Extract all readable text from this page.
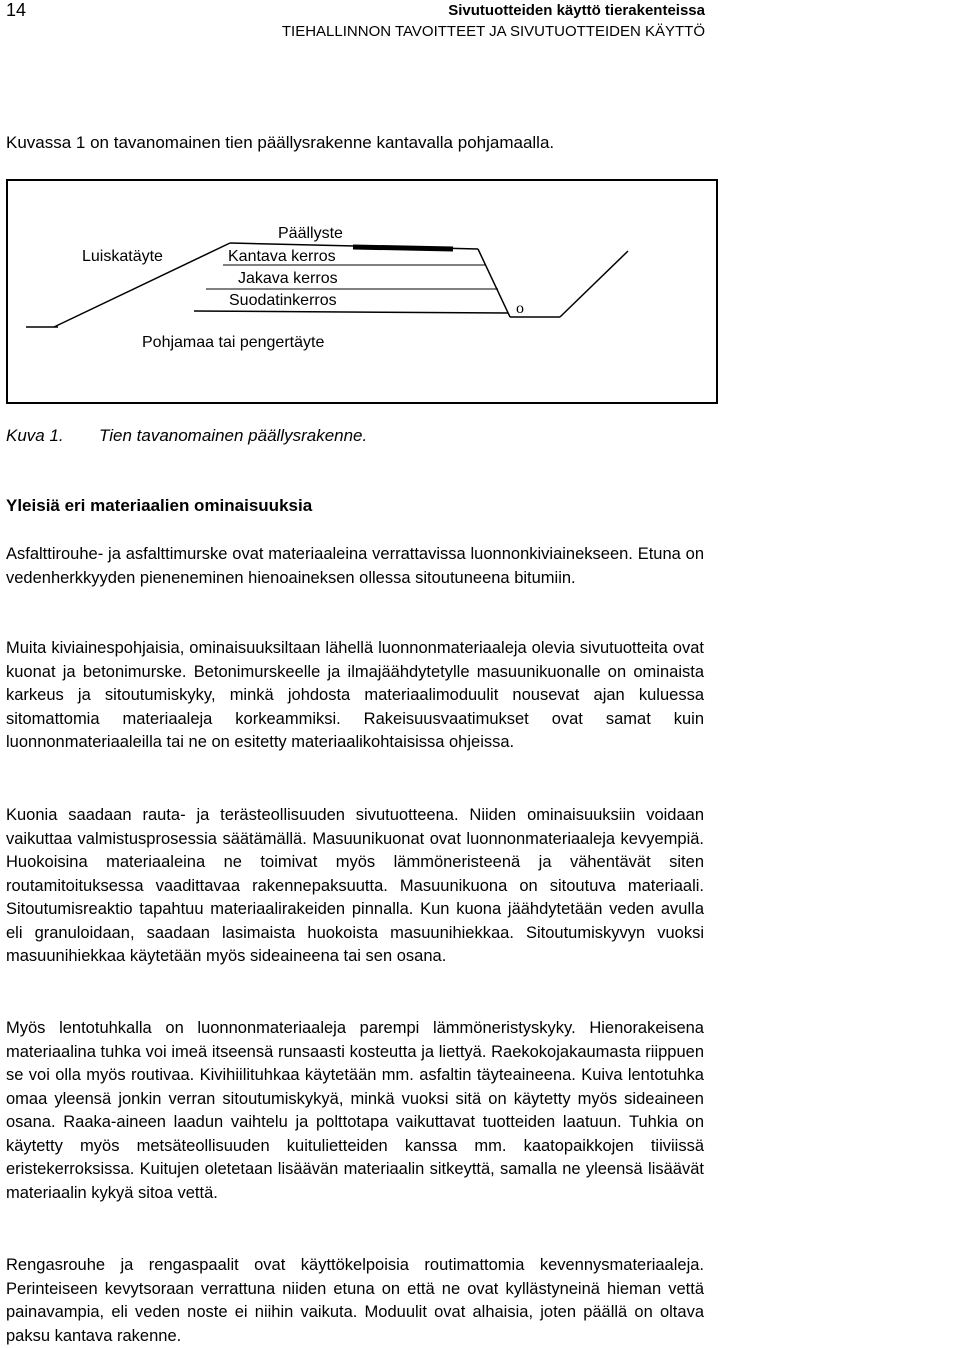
14	Sivutuotteiden käyttö tierakenteissa
TIEHALLINNON TAVOITTEET JA SIVUTUOTTEIDEN KÄYTTÖ

Kuvassa 1 on tavanomainen tien päällysrakenne kantavalla pohjamaalla.

Päällyste
Luiskatäyte	Kantava kerros
Jakava kerros
Suodatinkerros	o
Pohjamaa tai pengertäyte
Kuva 1. Tien tavanomainen päällysrakenne.
Yleisiä eri materiaalien ominaisuuksia

Asfalttirouhe- ja asfalttimurske ovat materiaaleina verrattavissa luonnonkiviainekseen. Etuna on vedenherkkyyden pieneneminen hienoaineksen ollessa sitoutuneena bitumiin.

Muita kiviainespohjaisia, ominaisuuksiltaan lähellä luonnonmateriaaleja olevia sivutuotteita ovat kuonat ja betonimurske. Betonimurskeelle ja ilmajäähdytetylle masuunikuonalle on ominaista karkeus ja sitoutumiskyky, minkä johdosta materiaalimoduulit nousevat ajan kuluessa sitomattomia materiaaleja korkeammiksi. Rakeisuusvaatimukset ovat samat kuin luonnonmateriaaleilla tai ne on esitetty materiaalikohtaisissa ohjeissa.

Kuonia saadaan rauta- ja terästeollisuuden sivutuotteena. Niiden ominaisuuksiin voidaan vaikuttaa valmistusprosessia säätämällä. Masuunikuonat ovat luonnonmateriaaleja kevyempiä. Huokoisina materiaaleina ne toimivat myös lämmöneristeenä ja vähentävät siten routamitoituksessa vaadittavaa rakennepaksuutta. Masuunikuona on sitoutuva materiaali. Sitoutumisreaktio tapahtuu materiaalirakeiden pinnalla. Kun kuona jäähdytetään veden avulla eli granuloidaan, saadaan lasimaista huokoista masuunihiekkaa. Sitoutumiskyvyn vuoksi masuunihiekkaa käytetään myös sideaineena tai sen osana.

Myös lentotuhkalla on luonnonmateriaaleja parempi lämmöneristyskyky. Hienorakeisena materiaalina tuhka voi imeä itseensä runsaasti kosteutta ja liettyä. Raekokojakaumasta riippuen se voi olla myös routivaa. Kivihiilituhkaa käytetään mm. asfaltin täyteaineena. Kuiva lentotuhka omaa yleensä jonkin verran sitoutumiskykyä, minkä vuoksi sitä on käytetty myös sideaineen osana. Raaka-aineen laadun vaihtelu ja polttotapa vaikuttavat tuotteiden laatuun. Tuhkia on käytetty myös metsäteollisuuden kuitulietteiden kanssa mm. kaatopaikkojen tiiviissä eristekerroksissa. Kuitujen oletetaan lisäävän materiaalin sitkeyttä, samalla ne yleensä lisäävät materiaalin kykyä sitoa vettä.

Rengasrouhe ja rengaspaalit ovat käyttökelpoisia routimattomia kevennysmateriaaleja. Perinteiseen kevytsoraan verrattuna niiden etuna on että ne ovat kyllästyneinä hieman vettä painavampia, eli veden noste ei niihin vaikuta. Moduulit ovat alhaisia, joten päällä on oltava paksu kantava rakenne.
